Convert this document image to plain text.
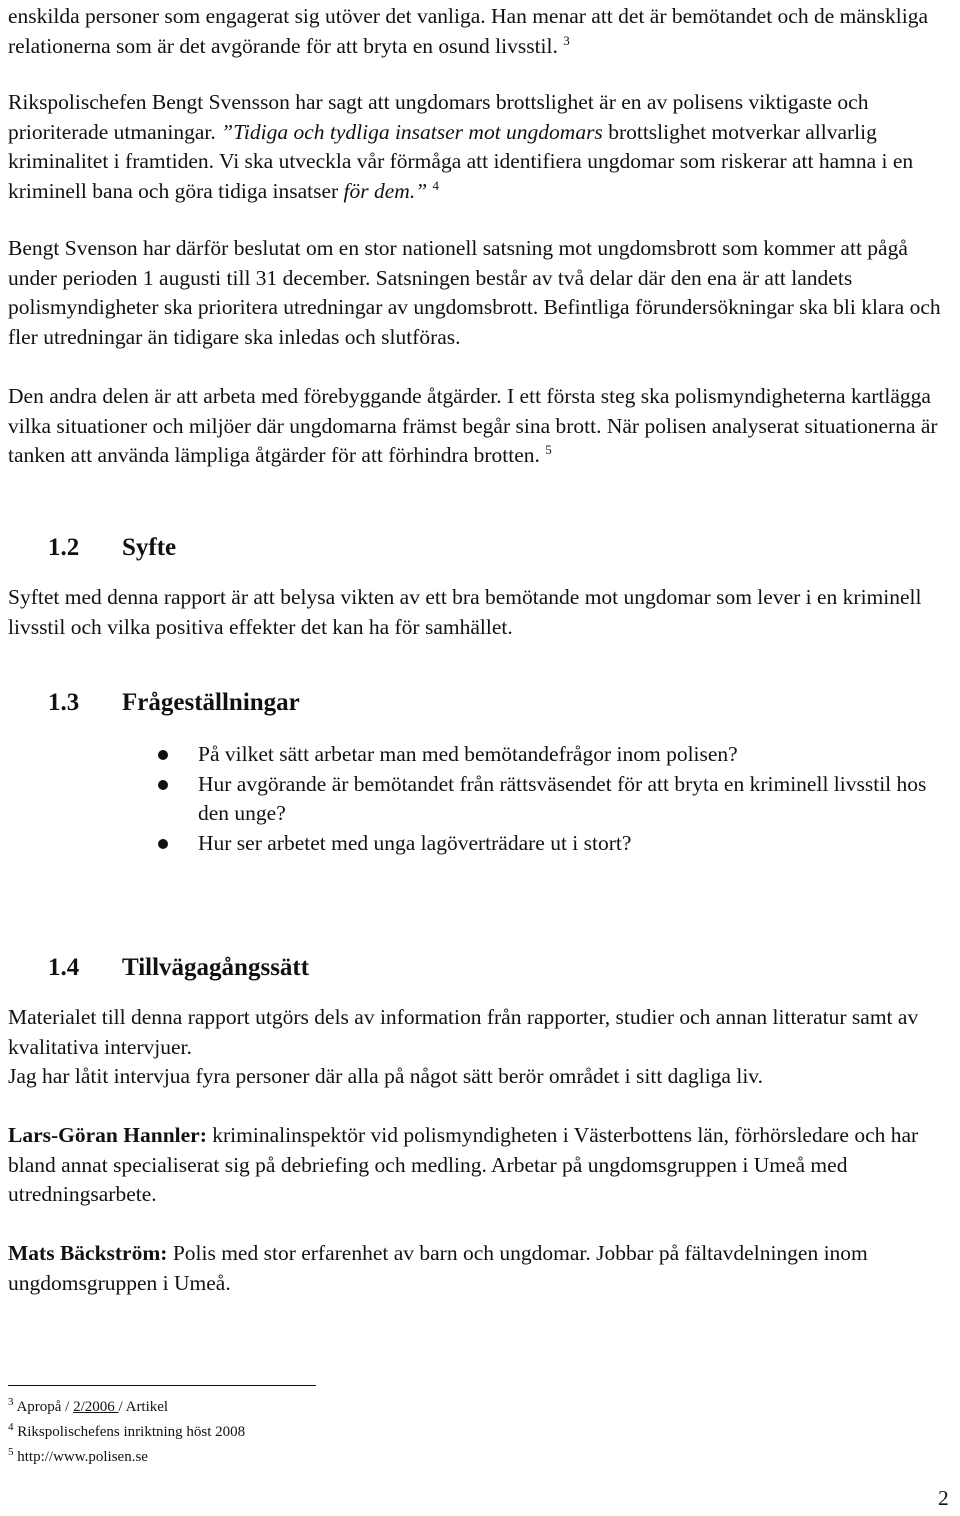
enskilda personer som engagerat sig utöver det vanliga. Han menar att det är bemötandet och de mänskliga relationerna som är det avgörande för att bryta en osund livsstil. $^3$

Rikspolischefen Bengt Svensson har sagt att ungdomars brottslighet är en av polisens viktigaste och prioriterade utmaningar. ”Tidiga och tydliga insatser mot ungdomars brottslighet motverkar allvarlig kriminalitet i framtiden. Vi ska utveckla vår förmåga att identifiera ungdomar som riskerar att hamna i en kriminell bana och göra tidiga insatser för dem.” $^4$

Bengt Svenson har därför beslutat om en stor nationell satsning mot ungdomsbrott som kommer att pågå under perioden 1 augusti till 31 december. Satsningen består av två delar där den ena är att landets polismyndigheter ska prioritera utredningar av ungdomsbrott. Befintliga förundersökningar ska bli klara och fler utredningar än tidigare ska inledas och slutföras.

Den andra delen är att arbeta med förebyggande åtgärder. I ett första steg ska polismyndigheterna kartlägga vilka situationer och miljöer där ungdomarna främst begår sina brott. När polisen analyserat situationerna är tanken att använda lämpliga åtgärder för att förhindra brotten. $^5$

1.2 Syfte

Syftet med denna rapport är att belysa vikten av ett bra bemötande mot ungdomar som lever i en kriminell livsstil och vilka positiva effekter det kan ha för samhället.

1.3 Frågeställningar
På vilket sätt arbetar man med bemötandefrågor inom polisen?
Hur avgörande är bemötandet från rättsväsendet för att bryta en kriminell livsstil hos den unge?
Hur ser arbetet med unga lagöverträdare ut i stort?
1.4 Tillvägagångssätt

Materialet till denna rapport utgörs dels av information från rapporter, studier och annan litteratur samt av kvalitativa intervjuer.
Jag har låtit intervjua fyra personer där alla på något sätt berör området i sitt dagliga liv.

Lars-Göran Hannler: kriminalinspektör vid polismyndigheten i Västerbottens län, förhörsledare och har bland annat specialiserat sig på debriefing och medling. Arbetar på ungdomsgruppen i Umeå med utredningsarbete.

Mats Bäckström: Polis med stor erfarenhet av barn och ungdomar. Jobbar på fältavdelningen inom ungdomsgruppen i Umeå.

$^3$ Apropå / 2/2006 / Artikel

$^4$ Rikspolischefens inriktning höst 2008

$^5$ http://www.polisen.se

2
